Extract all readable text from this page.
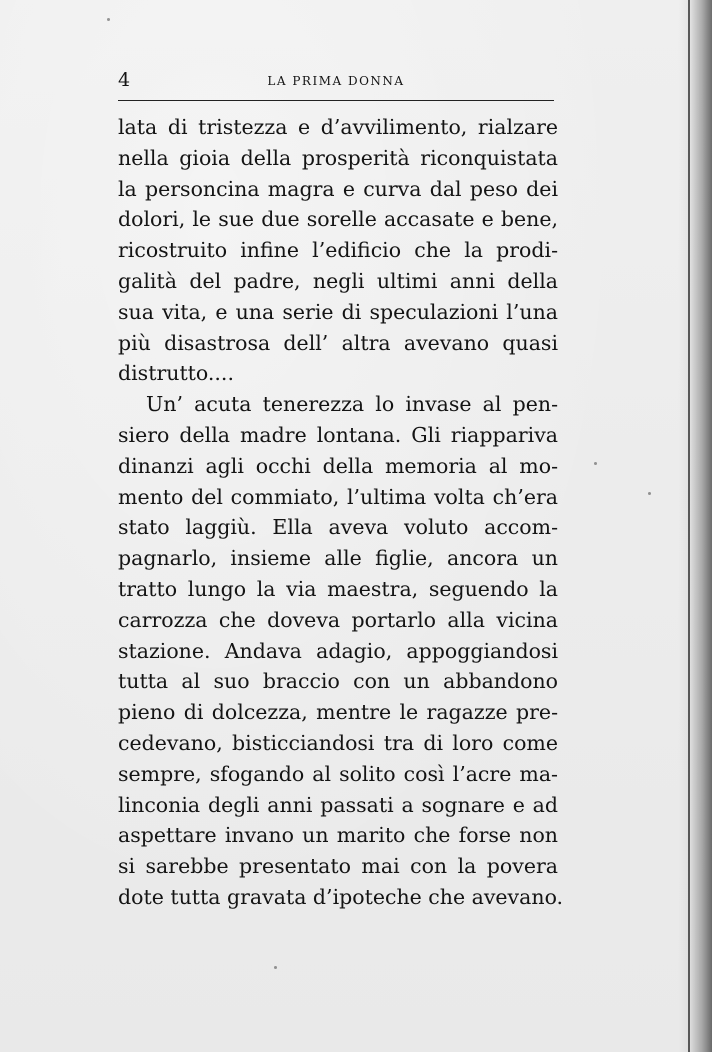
4	LA PRIMA DONNA
lata di tristezza e d’avvilimento, rialzare
nella gioia della prosperità riconquistata
la personcina magra e curva dal peso dei
dolori, le sue due sorelle accasate e bene,
ricostruito infine l’edificio che la prodi-
galità del padre, negli ultimi anni della
sua vita, e una serie di speculazioni l’una
più disastrosa dell’ altra avevano quasi
distrutto....
Un’ acuta tenerezza lo invase al pen-
siero della madre lontana. Gli riappariva
dinanzi agli occhi della memoria al mo-
mento del commiato, l’ultima volta ch’era
stato laggiù. Ella aveva voluto accom-
pagnarlo, insieme alle figlie, ancora un
tratto lungo la via maestra, seguendo la
carrozza che doveva portarlo alla vicina
stazione. Andava adagio, appoggiandosi
tutta al suo braccio con un abbandono
pieno di dolcezza, mentre le ragazze pre-
cedevano, bisticciandosi tra di loro come
sempre, sfogando al solito così l’acre ma-
linconia degli anni passati a sognare e ad
aspettare invano un marito che forse non
si sarebbe presentato mai con la povera
dote tutta gravata d’ipoteche che avevano.
